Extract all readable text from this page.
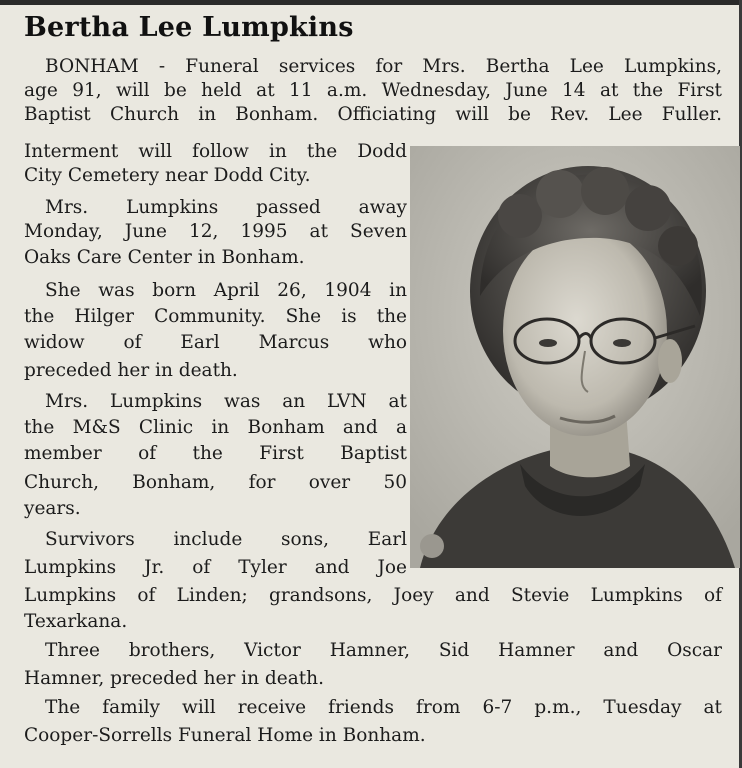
Bertha Lee Lumpkins
BONHAM - Funeral services for Mrs. Bertha Lee Lumpkins,
age 91, will be held at 11 a.m. Wednesday, June 14 at the First
Baptist Church in Bonham. Officiating will be Rev. Lee Fuller.
Interment will follow in the Dodd
City Cemetery near Dodd City.
Mrs. Lumpkins passed away
Monday, June 12, 1995 at Seven
Oaks Care Center in Bonham.
She was born April 26, 1904 in
the Hilger Community. She is the
widow of Earl Marcus who
preceded her in death.
Mrs. Lumpkins was an LVN at
the M&S Clinic in Bonham and a
member of the First Baptist
Church, Bonham, for over 50
years.
Survivors include sons, Earl
Lumpkins Jr. of Tyler and Joe
Lumpkins of Linden; grandsons, Joey and Stevie Lumpkins of
Texarkana.
Three brothers, Victor Hamner, Sid Hamner and Oscar
Hamner, preceded her in death.
The family will receive friends from 6-7 p.m., Tuesday at
Cooper-Sorrells Funeral Home in Bonham.
